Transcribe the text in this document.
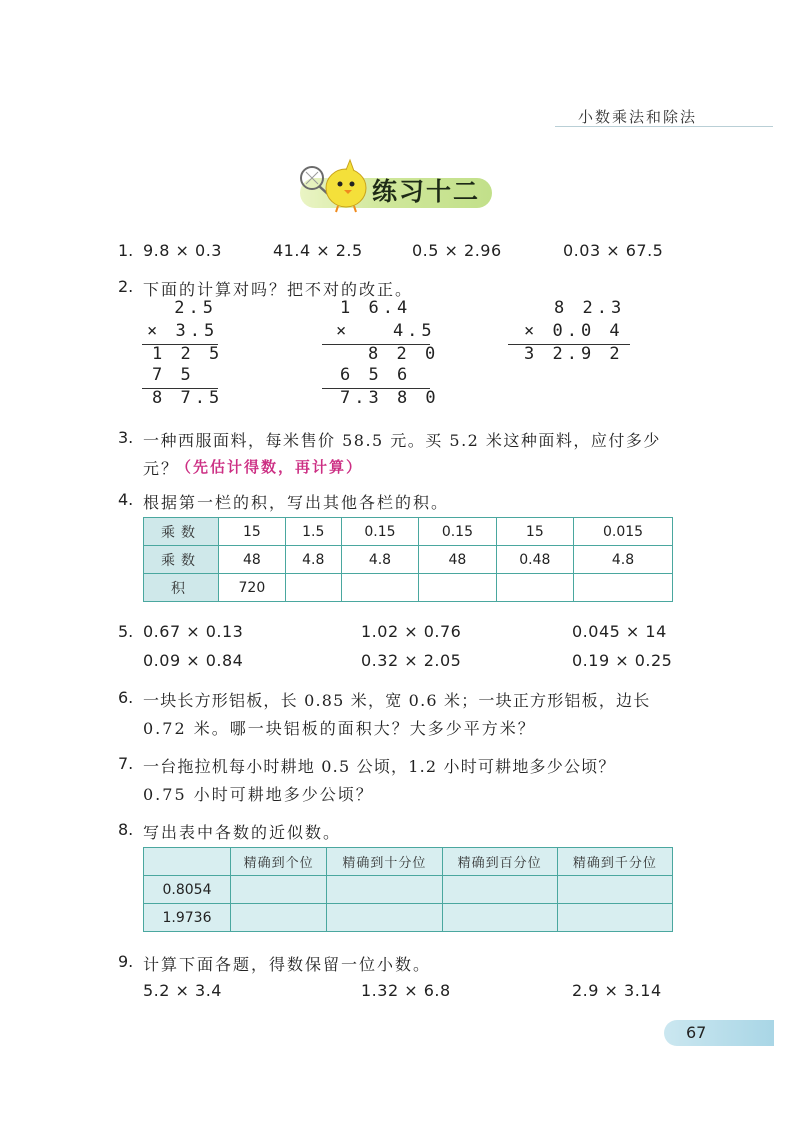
小数乘法和除法
练习十二
1. 9.8 × 0.3	41.4 × 2.5	0.5 × 2.96	0.03 × 67.5
2. 下面的计算对吗？把不对的改正。
2.5
× 3.5
1 2 5
7 5
8 7.5
1 6.4
×   4.5
8 2 0
6 5 6
7.3 8 0
8 2.3
× 0.0 4
3 2.9 2
3. 一种西服面料，每米售价 58.5 元。买 5.2 米这种面料，应付多少
元？
（先估计得数，再计算）
4. 根据第一栏的积，写出其他各栏的积。
乘数	15	1.5	0.15	0.15	15	0.015
乘数	48	4.8	4.8	48	0.48	4.8
积	720					
5. 0.67 × 0.13	1.02 × 0.76	0.045 × 14
0.09 × 0.84	0.32 × 2.05	0.19 × 0.25
6. 一块长方形铝板，长 0.85 米，宽 0.6 米；一块正方形铝板，边长
0.72 米。哪一块铝板的面积大？大多少平方米？
7. 一台拖拉机每小时耕地 0.5 公顷，1.2 小时可耕地多少公顷？
0.75 小时可耕地多少公顷？
8. 写出表中各数的近似数。
	精确到个位	精确到十分位	精确到百分位	精确到千分位
0.8054				
1.9736				
9. 计算下面各题，得数保留一位小数。
5.2 × 3.4	1.32 × 6.8	2.9 × 3.14
67
